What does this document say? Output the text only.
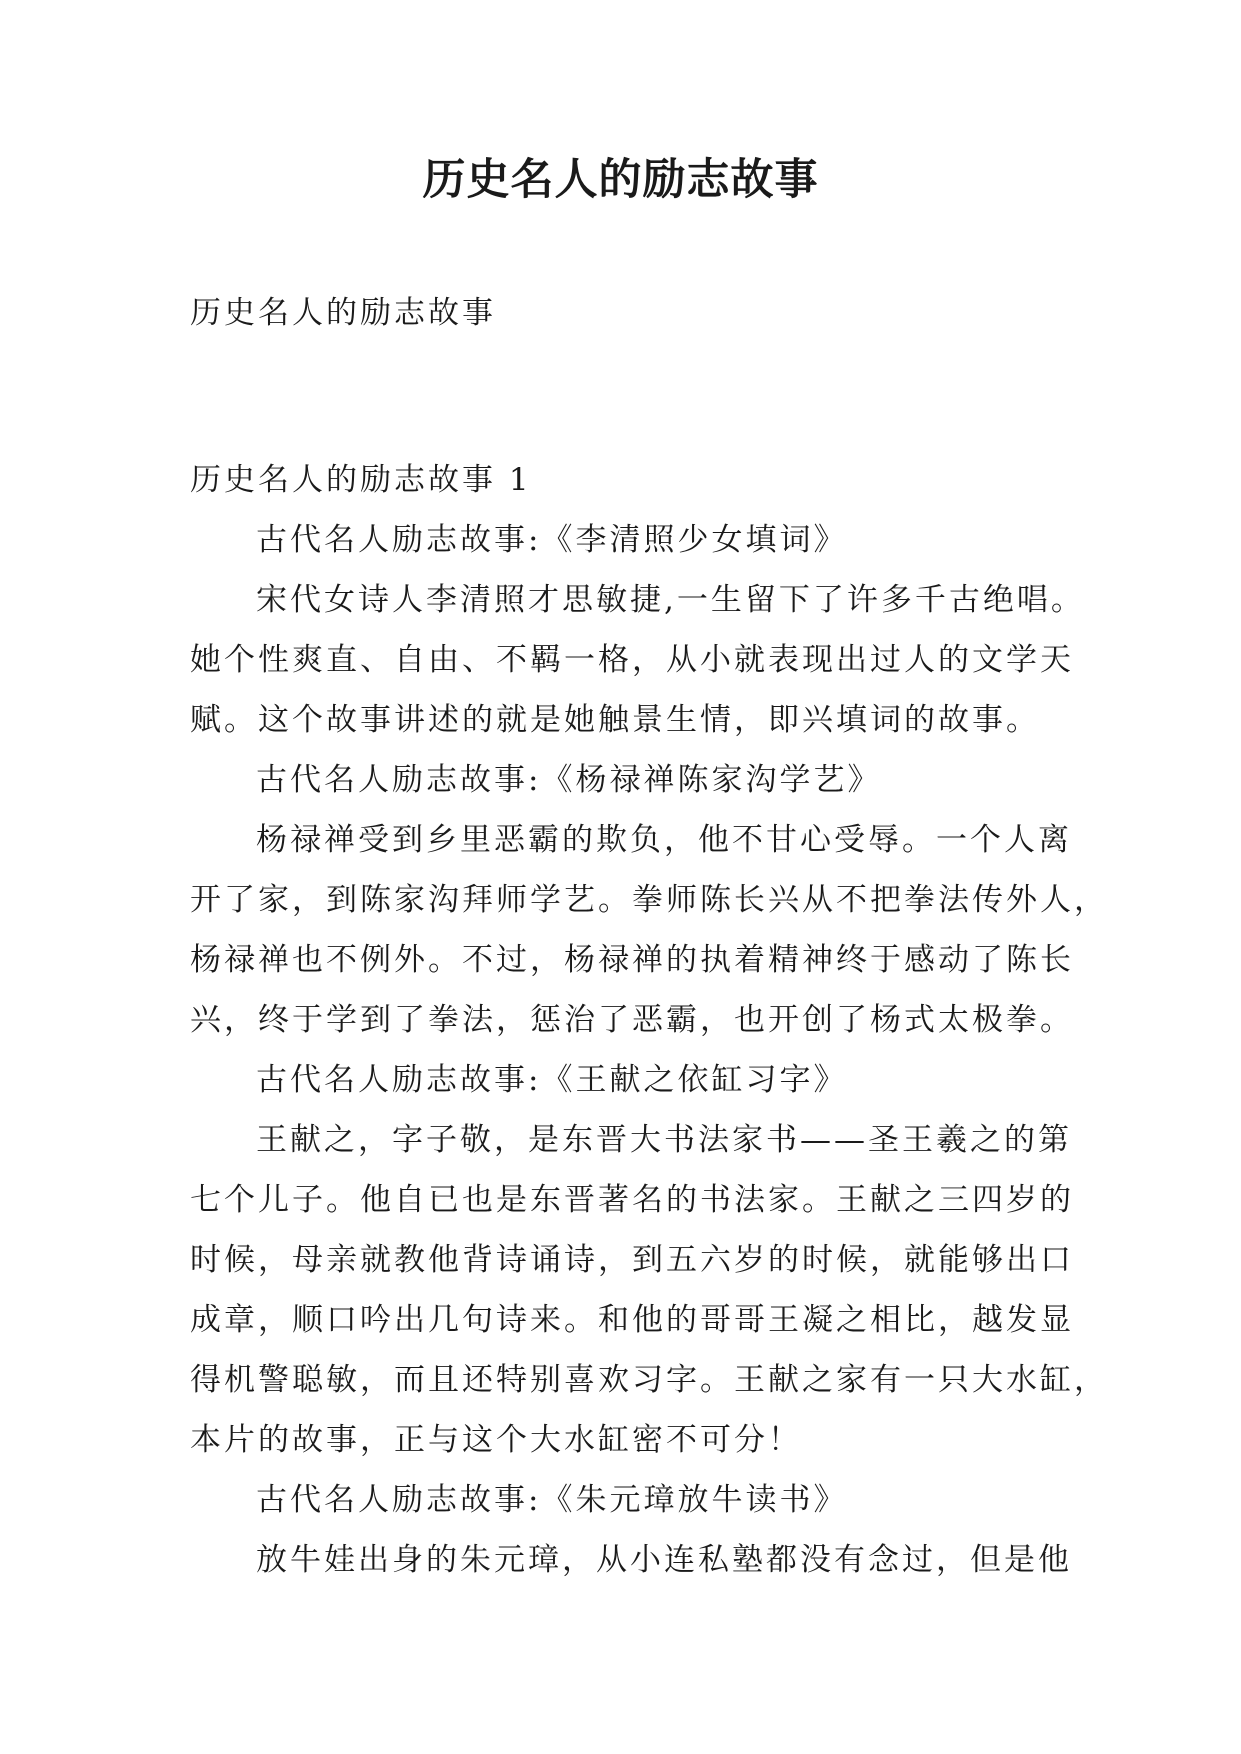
历史名人的励志故事

历史名人的励志故事

历史名人的励志故事 1

古代名人励志故事:《李清照少女填词》

宋代女诗人李清照才思敏捷,一生留下了许多千古绝唱。

她个性爽直、自由、不羁一格，从小就表现出过人的文学天

赋。这个故事讲述的就是她触景生情，即兴填词的故事。

古代名人励志故事:《杨禄禅陈家沟学艺》

杨禄禅受到乡里恶霸的欺负，他不甘心受辱。一个人离

开了家，到陈家沟拜师学艺。拳师陈长兴从不把拳法传外人，

杨禄禅也不例外。不过，杨禄禅的执着精神终于感动了陈长

兴，终于学到了拳法，惩治了恶霸，也开创了杨式太极拳。

古代名人励志故事:《王献之依缸习字》

王献之，字子敬，是东晋大书法家书——圣王羲之的第

七个儿子。他自已也是东晋著名的书法家。王献之三四岁的

时候，母亲就教他背诗诵诗，到五六岁的时候，就能够出口

成章，顺口吟出几句诗来。和他的哥哥王凝之相比，越发显

得机警聪敏，而且还特别喜欢习字。王献之家有一只大水缸，

本片的故事，正与这个大水缸密不可分！

古代名人励志故事:《朱元璋放牛读书》

放牛娃出身的朱元璋，从小连私塾都没有念过，但是他
